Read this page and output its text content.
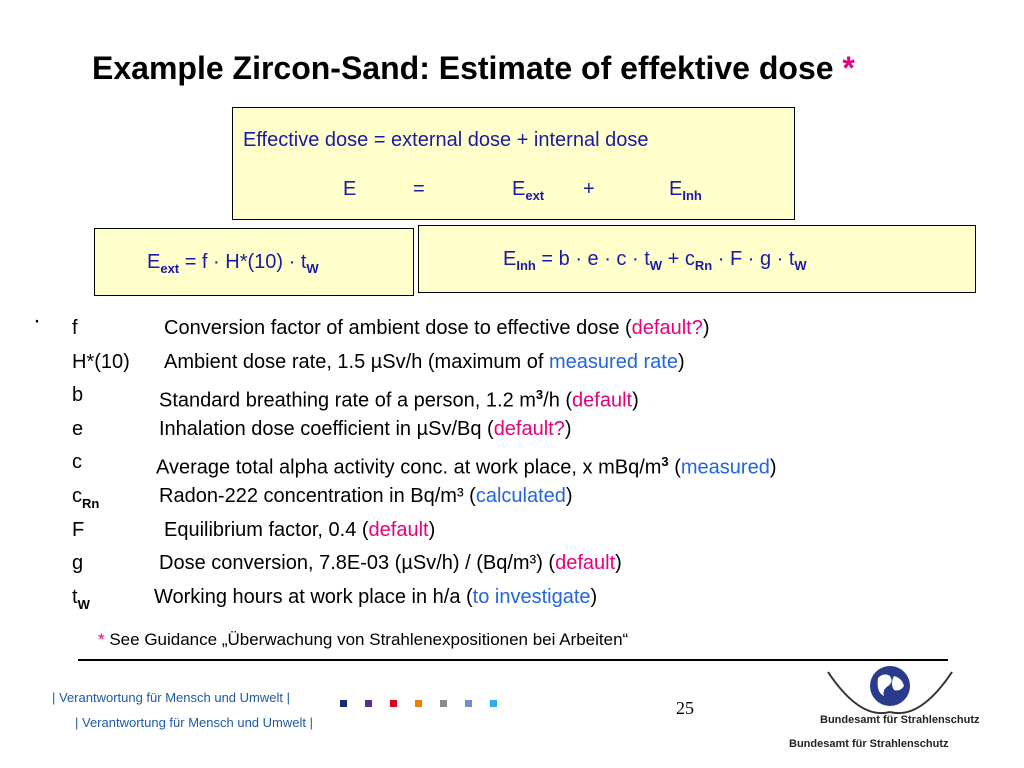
Example Zircon-Sand: Estimate of effektive dose *
Effective dose = external dose + internal dose
E	=	$E_{ext}$ +	$E_{Inh}$
$E_{ext} = f \cdot H*(10) \cdot t_W$	$E_{Inh} = b \cdot e \cdot c \cdot t_W + c_{Rn} \cdot F \cdot g \cdot t_W$
· f	Conversion factor of ambient dose to effective dose (default?)
H*(10) Ambient dose rate, 1.5 µSv/h (maximum of measured rate)
b	Standard breathing rate of a person, 1.2 $m^3/h$ (default)
e	Inhalation dose coefficient in µSv/Bq (default?)
c	Average total alpha activity conc. at work place, x mBq/$m^3$ (measured)
$c_{Rn}$	Radon-222 concentration in Bq/m³ (calculated)
F	Equilibrium factor, 0.4 (default)
g	Dose conversion, 7.8E-03 (µSv/h) / (Bq/m³) (default)
$t_W$	Working hours at work place in h/a (to investigate)
* See Guidance „Überwachung von Strahlenexpositionen bei Arbeiten“
| Verantwortung für Mensch und Umwelt |
| Verantwortung für Mensch und Umwelt |
25
Bundesamt für Strahlenschutz
Bundesamt für Strahlenschutz
